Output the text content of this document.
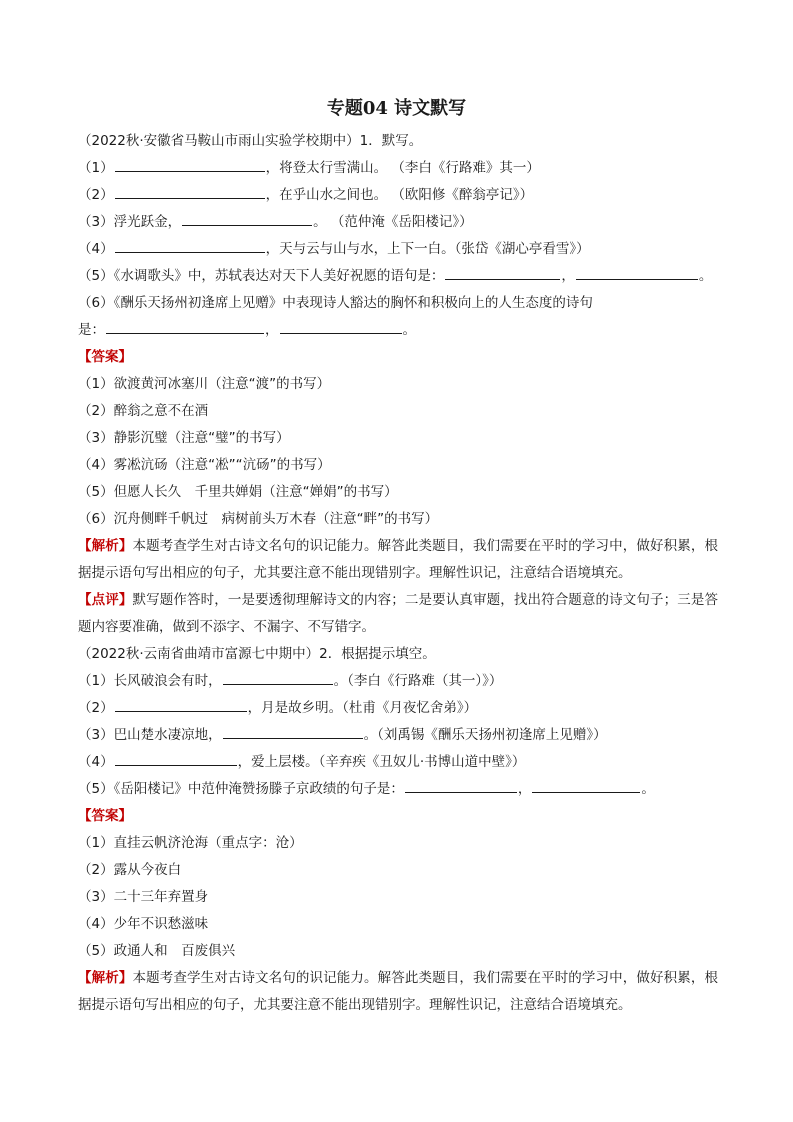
专题04 诗文默写
（2022秋·安徽省马鞍山市雨山实验学校期中）1．默写。
（1）	，将登太行雪满山。 （李白《行路难》其一）
（2）	，在乎山水之间也。 （欧阳修《醉翁亭记》）
（3）浮光跃金，	。 （范仲淹《岳阳楼记》）
（4）	，天与云与山与水，上下一白。（张岱《湖心亭看雪》）
（5）《水调歌头》中，苏轼表达对天下人美好祝愿的语句是：	，	。
（6）《酬乐天扬州初逢席上见赠》中表现诗人豁达的胸怀和积极向上的人生态度的诗句
是：	，	。
【答案】
（1）欲渡黄河冰塞川（注意“渡”的书写）
（2）醉翁之意不在酒
（3）静影沉璧（注意“璧”的书写）
（4）雾凇沆砀（注意“凇”“沆砀”的书写）
（5）但愿人长久　千里共婵娟（注意“婵娟”的书写）
（6）沉舟侧畔千帆过　病树前头万木春（注意“畔”的书写）
【解析】本题考查学生对古诗文名句的识记能力。解答此类题目，我们需要在平时的学习中，做好积累，根据提示语句写出相应的句子，尤其要注意不能出现错别字。理解性识记，注意结合语境填充。
【点评】默写题作答时，一是要透彻理解诗文的内容；二是要认真审题，找出符合题意的诗文句子；三是答题内容要准确，做到不添字、不漏字、不写错字。
（2022秋·云南省曲靖市富源七中期中）2．根据提示填空。
（1）长风破浪会有时，	。（李白《行路难（其一）》）
（2）	，月是故乡明。（杜甫《月夜忆舍弟》）
（3）巴山楚水凄凉地，	。（刘禹锡《酬乐天扬州初逢席上见赠》）
（4）	，爱上层楼。（辛弃疾《丑奴儿·书博山道中壁》）
（5）《岳阳楼记》中范仲淹赞扬滕子京政绩的句子是：	，	。
【答案】
（1）直挂云帆济沧海（重点字：沧）
（2）露从今夜白
（3）二十三年弃置身
（4）少年不识愁滋味
（5）政通人和　百废俱兴
【解析】本题考查学生对古诗文名句的识记能力。解答此类题目，我们需要在平时的学习中，做好积累，根据提示语句写出相应的句子，尤其要注意不能出现错别字。理解性识记，注意结合语境填充。
